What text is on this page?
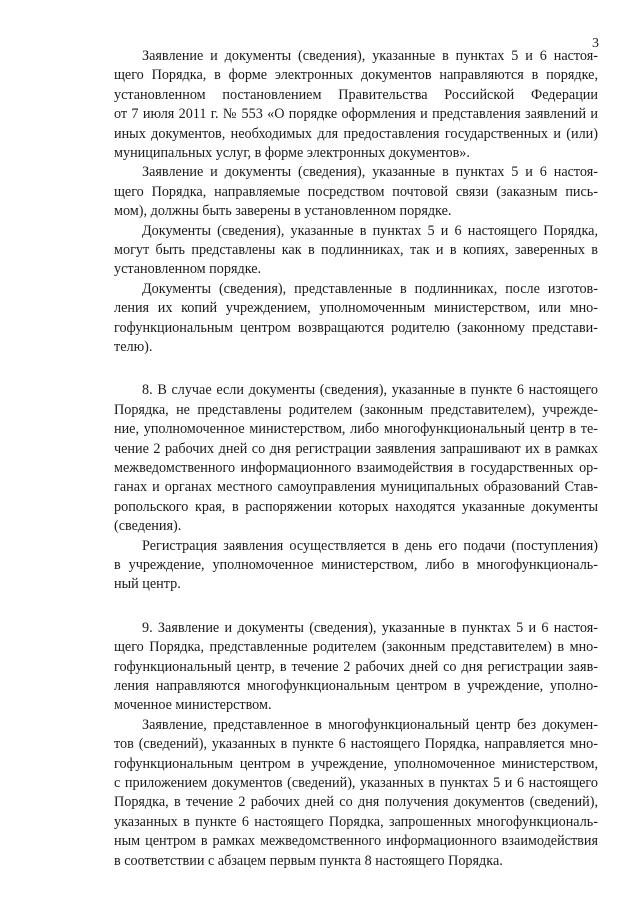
3
Заявление и документы (сведения), указанные в пунктах 5 и 6 настоя-
щего Порядка, в форме электронных документов направляются в порядке,
установленном постановлением Правительства Российской Федерации
от 7 июля 2011 г. № 553 «О порядке оформления и представления заявлений и
иных документов, необходимых для предоставления государственных и (или)
муниципальных услуг, в форме электронных документов».
Заявление и документы (сведения), указанные в пунктах 5 и 6 настоя-
щего Порядка, направляемые посредством почтовой связи (заказным пись-
мом), должны быть заверены в установленном порядке.
Документы (сведения), указанные в пунктах 5 и 6 настоящего Порядка,
могут быть представлены как в подлинниках, так и в копиях, заверенных в
установленном порядке.
Документы (сведения), представленные в подлинниках, после изготов-
ления их копий учреждением, уполномоченным министерством, или мно-
гофункциональным центром возвращаются родителю (законному представи-
телю).
8. В случае если документы (сведения), указанные в пункте 6 настоящего
Порядка, не представлены родителем (законным представителем), учрежде-
ние, уполномоченное министерством, либо многофункциональный центр в те-
чение 2 рабочих дней со дня регистрации заявления запрашивают их в рамках
межведомственного информационного взаимодействия в государственных ор-
ганах и органах местного самоуправления муниципальных образований Став-
ропольского края, в распоряжении которых находятся указанные документы
(сведения).
Регистрация заявления осуществляется в день его подачи (поступления)
в учреждение, уполномоченное министерством, либо в многофункциональ-
ный центр.
9. Заявление и документы (сведения), указанные в пунктах 5 и 6 настоя-
щего Порядка, представленные родителем (законным представителем) в мно-
гофункциональный центр, в течение 2 рабочих дней со дня регистрации заяв-
ления направляются многофункциональным центром в учреждение, уполно-
моченное министерством.
Заявление, представленное в многофункциональный центр без докумен-
тов (сведений), указанных в пункте 6 настоящего Порядка, направляется мно-
гофункциональным центром в учреждение, уполномоченное министерством,
с приложением документов (сведений), указанных в пунктах 5 и 6 настоящего
Порядка, в течение 2 рабочих дней со дня получения документов (сведений),
указанных в пункте 6 настоящего Порядка, запрошенных многофункциональ-
ным центром в рамках межведомственного информационного взаимодействия
в соответствии с абзацем первым пункта 8 настоящего Порядка.
